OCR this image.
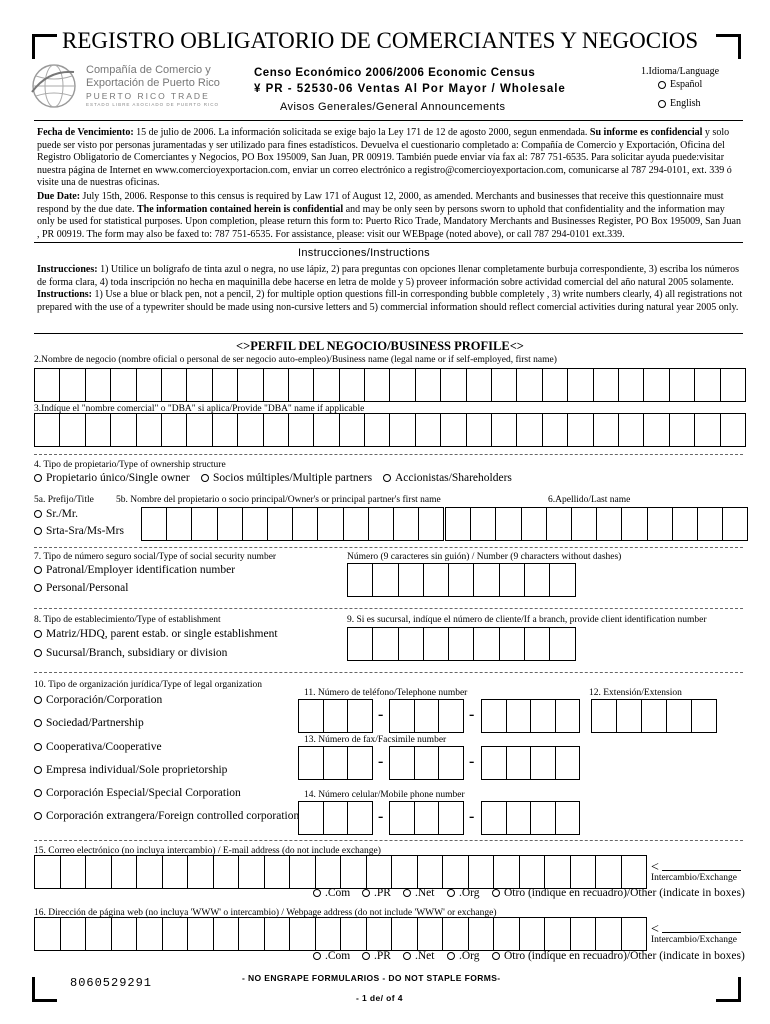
REGISTRO OBLIGATORIO DE COMERCIANTES Y NEGOCIOS
Compañía de Comercio y
Exportación de Puerto Rico
PUERTO RICO TRADE
ESTADO LIBRE ASOCIADO DE PUERTO RICO
Censo Económico 2006/2006 Economic Census
¥ PR - 52530-06 Ventas Al Por Mayor / Wholesale
Avisos Generales/General Announcements
1.Idioma/Language
Español
English
Fecha de Vencimiento: 15 de julio de 2006. La información solicitada se exige bajo la Ley 171 de 12 de agosto 2000, segun enmendada. Su informe es confidencial y solo puede ser visto por personas juramentadas y ser utilizado para fines estadísticos. Devuelva el cuestionario completado a: Compañía de Comercio y Exportación, Oficina del Registro Obligatorio de Comerciantes y Negocios, PO Box 195009, San Juan, PR 00919. También puede enviar vía fax al: 787 751-6535. Para solicitar ayuda puede:visitar nuestra página de Internet en www.comercioyexportacion.com, enviar un correo electrónico a registro@comercioyexportacion.com, comunicarse al 787 294-0101, ext. 339 ó visite una de nuestras oficinas.
Due Date: July 15th, 2006. Response to this census is required by Law 171 of August 12, 2000, as amended. Merchants and businesses that receive this questionnaire must respond by the due date. The information contained herein is confidential and may be only seen by persons sworn to uphold that confidentiality and the information may only be used for statistical purposes. Upon completion, please return this form to: Puerto Rico Trade, Mandatory Merchants and Businesses Register, PO Box 195009, San Juan , PR 00919. The form may also be faxed to: 787 751-6535. For assistance, please: visit our WEBpage (noted above), or call 787 294-0101 ext.339.
Instrucciones/Instructions
Instrucciones: 1) Utilice un bolígrafo de tinta azul o negra, no use lápiz, 2) para preguntas con opciones llenar completamente burbuja correspondiente, 3) escriba los números de forma clara, 4) toda inscripción no hecha en maquinilla debe hacerse en letra de molde y 5) proveer información sobre actividad comercial del año natural 2005 solamente. Instructions: 1) Use a blue or black pen, not a pencil, 2) for multiple option questions fill-in corresponding bubble completely , 3) write numbers clearly, 4) all registrations not prepared with the use of a typewriter should be made using non-cursive letters and 5) commercial information should reflect comercial activities during natural year 2005 only.
<>PERFIL DEL NEGOCIO/BUSINESS PROFILE<>
2.Nombre de negocio (nombre oficial o personal de ser negocio auto-empleo)/Business name (legal name or if self-employed, first name)
3.Indíque el "nombre comercial" o "DBA" si aplica/Provide "DBA" name if applicable
4. Tipo de propietario/Type of ownership structure
Propietario único/Single owner Socios múltiples/Multiple partners Accionistas/Shareholders
5a. Prefijo/Title 5b. Nombre del propietario o socio principal/Owner's or principal partner's first name	6.Apellido/Last name
Sr./Mr.
Srta-Sra/Ms-Mrs
7. Tipo de número seguro social/Type of social security number	Número (9 caracteres sin guión) / Number (9 characters without dashes)
Patronal/Employer identification number
Personal/Personal
8. Tipo de establecimiento/Type of establishment	9. Si es sucursal, indíque el número de cliente/If a branch, provide client identification number
Matriz/HDQ, parent estab. or single establishment
Sucursal/Branch, subsidiary or division
10. Tipo de organización jurídica/Type of legal organization
Corporación/Corporation
Sociedad/Partnership
Cooperativa/Cooperative
Empresa individual/Sole proprietorship
Corporación Especial/Special Corporation
Corporación extrangera/Foreign controlled corporation
11. Número de teléfono/Telephone number	12. Extensión/Extension
-	-
13. Número de fax/Facsimile number
-	-
14. Número celular/Mobile phone number
-	-
15. Correo electrónico (no incluya intercambio) / E-mail address (do not include exchange)
<
Intercambio/Exchange
.Com .PR .Net .Org Otro (indíque en recuadro)/Other (indicate in boxes)
16. Dirección de página web (no incluya 'WWW' o intercambio) / Webpage address (do not include 'WWW' or exchange)
<
Intercambio/Exchange
.Com .PR .Net .Org Otro (indíque en recuadro)/Other (indicate in boxes)
8060529291	- NO ENGRAPE FORMULARIOS - DO NOT STAPLE FORMS-
- 1 de/ of 4
